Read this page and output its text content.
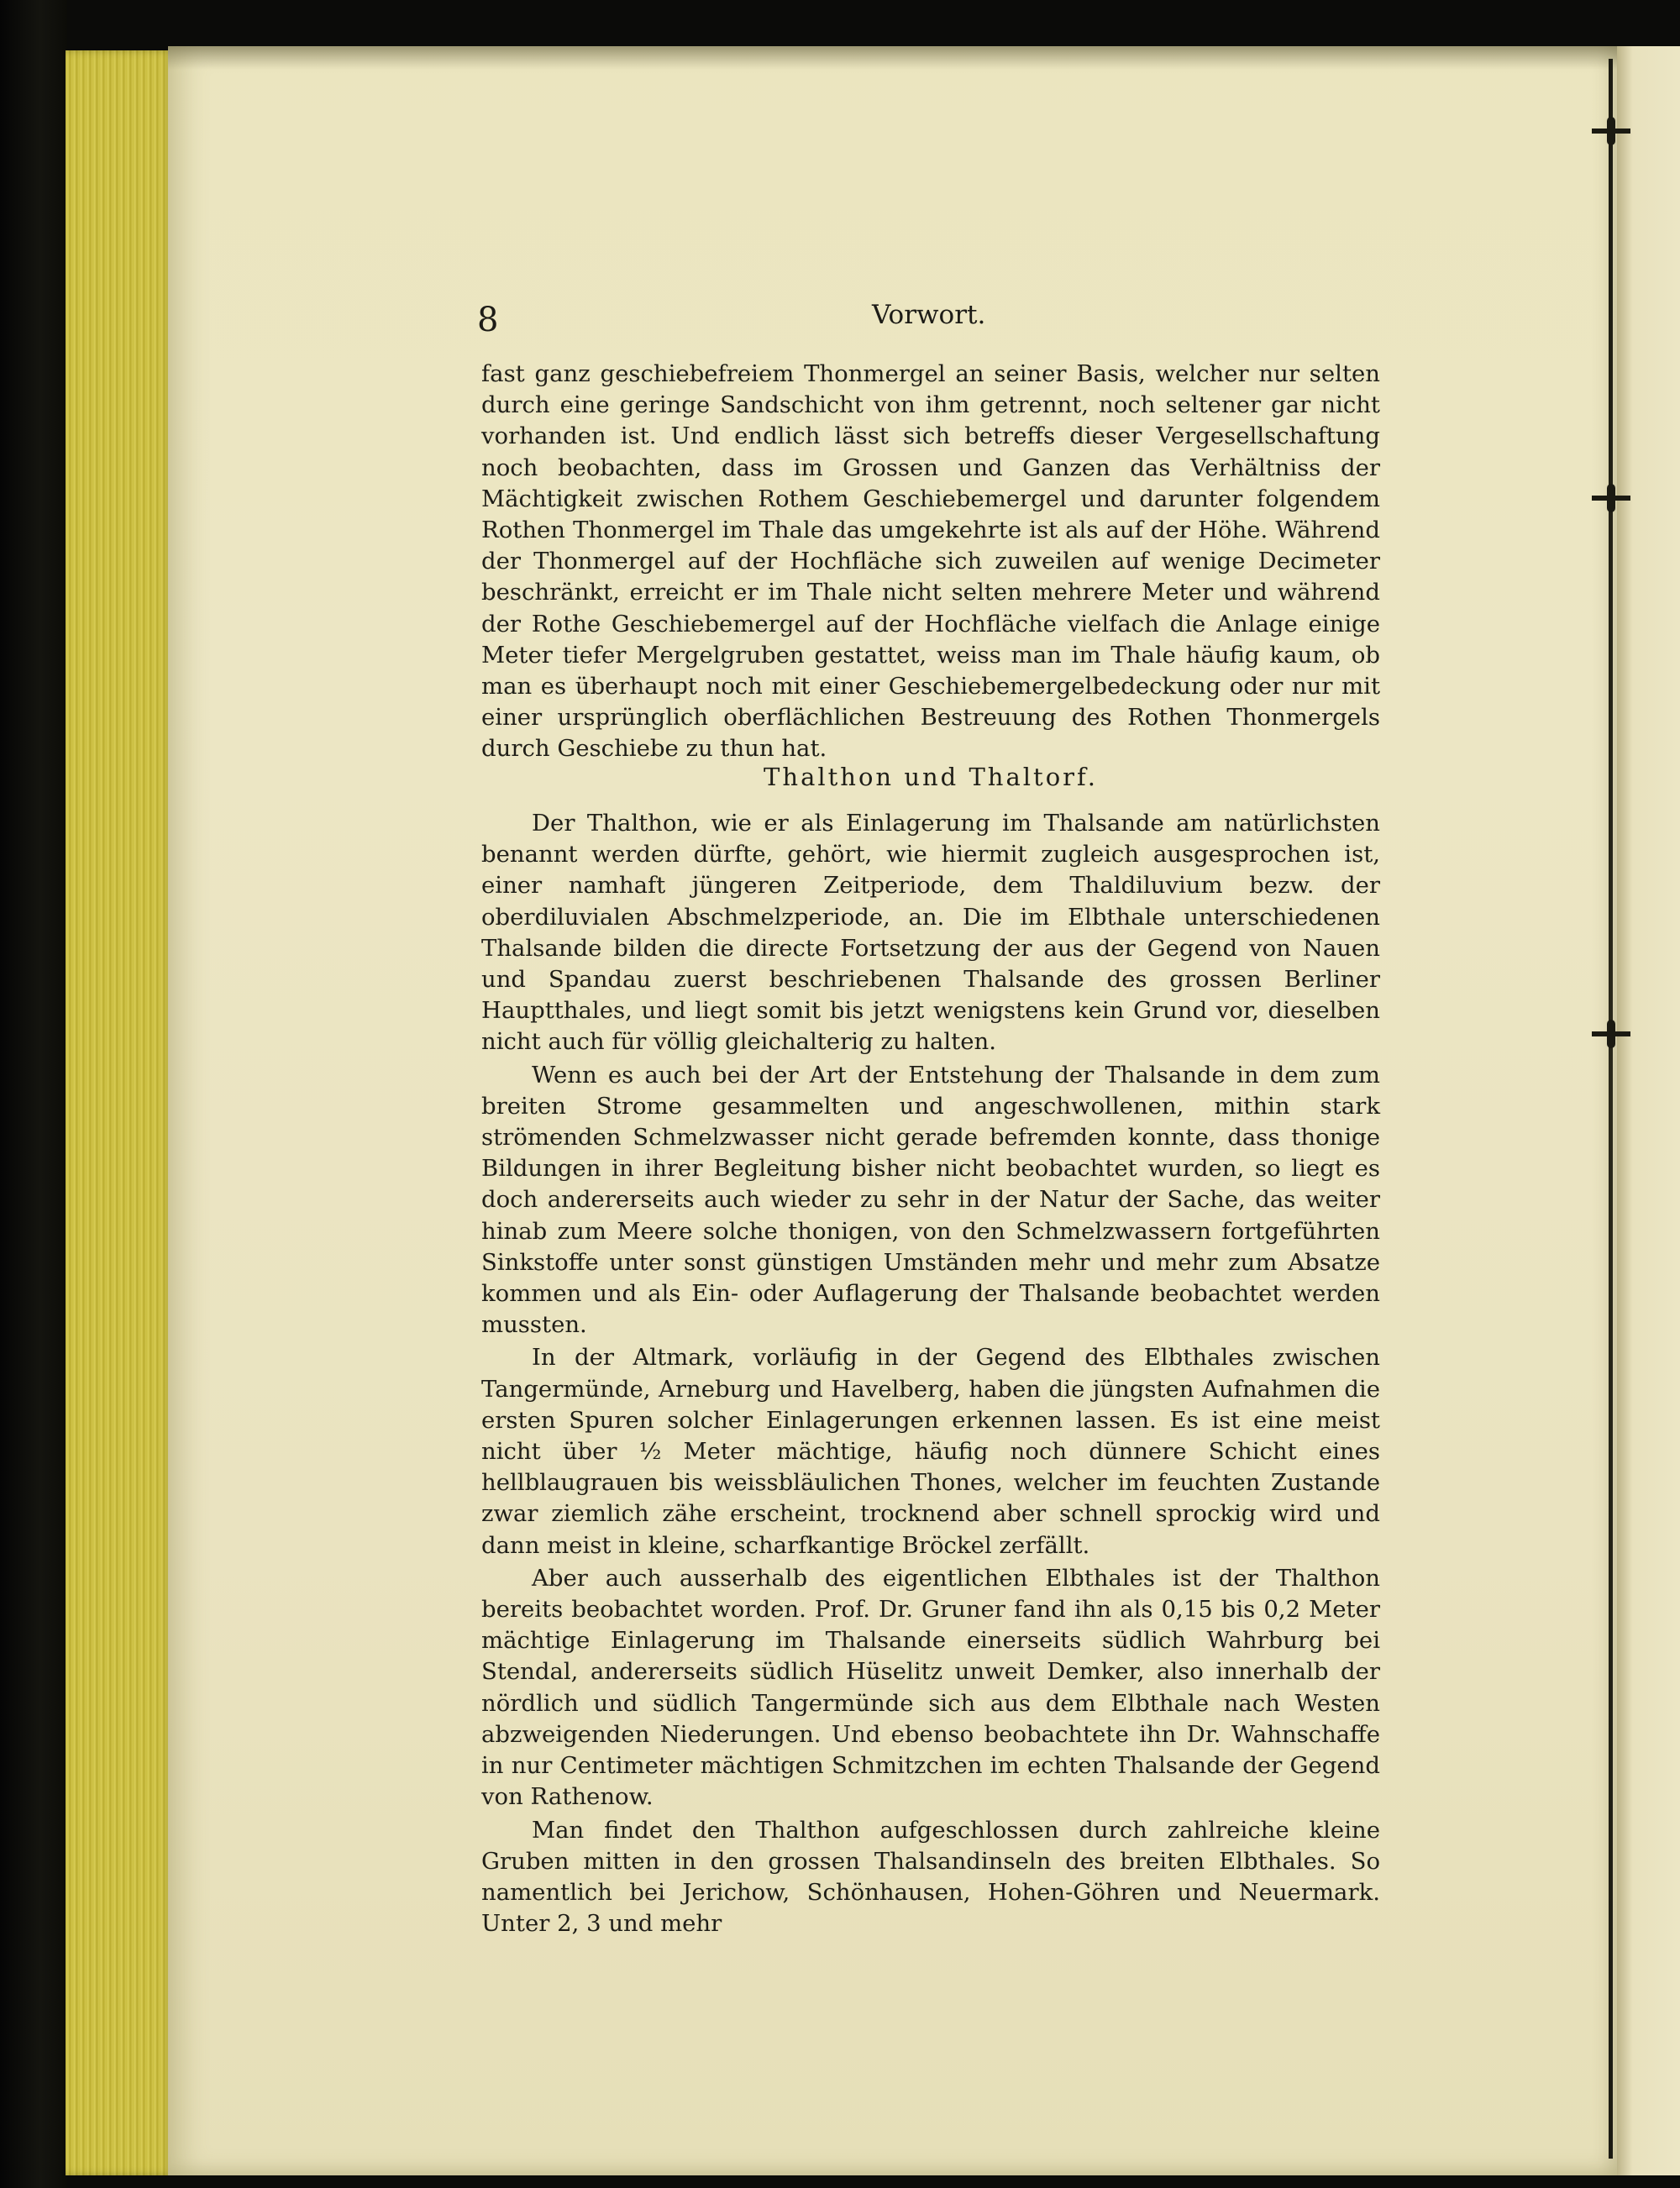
8	Vorwort.

fast ganz geschiebefreiem Thonmergel an seiner Basis, welcher nur selten durch eine geringe Sandschicht von ihm getrennt, noch seltener gar nicht vorhanden ist. Und endlich lässt sich betreffs dieser Vergesellschaftung noch beobachten, dass im Grossen und Ganzen das Verhältniss der Mächtigkeit zwischen Rothem Geschiebemergel und darunter folgendem Rothen Thonmergel im Thale das umgekehrte ist als auf der Höhe. Während der Thonmergel auf der Hochfläche sich zuweilen auf wenige Decimeter beschränkt, erreicht er im Thale nicht selten mehrere Meter und während der Rothe Geschiebemergel auf der Hochfläche vielfach die Anlage einige Meter tiefer Mergelgruben gestattet, weiss man im Thale häufig kaum, ob man es überhaupt noch mit einer Geschiebemergelbedeckung oder nur mit einer ursprünglich oberflächlichen Bestreuung des Rothen Thonmergels durch Geschiebe zu thun hat.

Thalthon und Thaltorf.

Der Thalthon, wie er als Einlagerung im Thalsande am natürlichsten benannt werden dürfte, gehört, wie hiermit zugleich ausgesprochen ist, einer namhaft jüngeren Zeitperiode, dem Thaldiluvium bezw. der oberdiluvialen Abschmelzperiode, an. Die im Elbthale unterschiedenen Thalsande bilden die directe Fortsetzung der aus der Gegend von Nauen und Spandau zuerst beschriebenen Thalsande des grossen Berliner Hauptthales, und liegt somit bis jetzt wenigstens kein Grund vor, dieselben nicht auch für völlig gleichalterig zu halten.

Wenn es auch bei der Art der Entstehung der Thalsande in dem zum breiten Strome gesammelten und angeschwollenen, mithin stark strömenden Schmelzwasser nicht gerade befremden konnte, dass thonige Bildungen in ihrer Begleitung bisher nicht beobachtet wurden, so liegt es doch andererseits auch wieder zu sehr in der Natur der Sache, das weiter hinab zum Meere solche thonigen, von den Schmelzwassern fortgeführten Sinkstoffe unter sonst günstigen Umständen mehr und mehr zum Absatze kommen und als Ein- oder Auflagerung der Thalsande beobachtet werden mussten.

In der Altmark, vorläufig in der Gegend des Elbthales zwischen Tangermünde, Arneburg und Havelberg, haben die jüngsten Aufnahmen die ersten Spuren solcher Einlagerungen erkennen lassen. Es ist eine meist nicht über ½ Meter mächtige, häufig noch dünnere Schicht eines hellblaugrauen bis weissbläulichen Thones, welcher im feuchten Zustande zwar ziemlich zähe erscheint, trocknend aber schnell sprockig wird und dann meist in kleine, scharfkantige Bröckel zerfällt.

Aber auch ausserhalb des eigentlichen Elbthales ist der Thalthon bereits beobachtet worden. Prof. Dr. Gruner fand ihn als 0,15 bis 0,2 Meter mächtige Einlagerung im Thalsande einerseits südlich Wahrburg bei Stendal, andererseits südlich Hüselitz unweit Demker, also innerhalb der nördlich und südlich Tangermünde sich aus dem Elbthale nach Westen abzweigenden Niederungen. Und ebenso beobachtete ihn Dr. Wahnschaffe in nur Centimeter mächtigen Schmitzchen im echten Thalsande der Gegend von Rathenow.

Man findet den Thalthon aufgeschlossen durch zahlreiche kleine Gruben mitten in den grossen Thalsandinseln des breiten Elbthales. So namentlich bei Jerichow, Schönhausen, Hohen-Göhren und Neuermark. Unter 2, 3 und mehr
